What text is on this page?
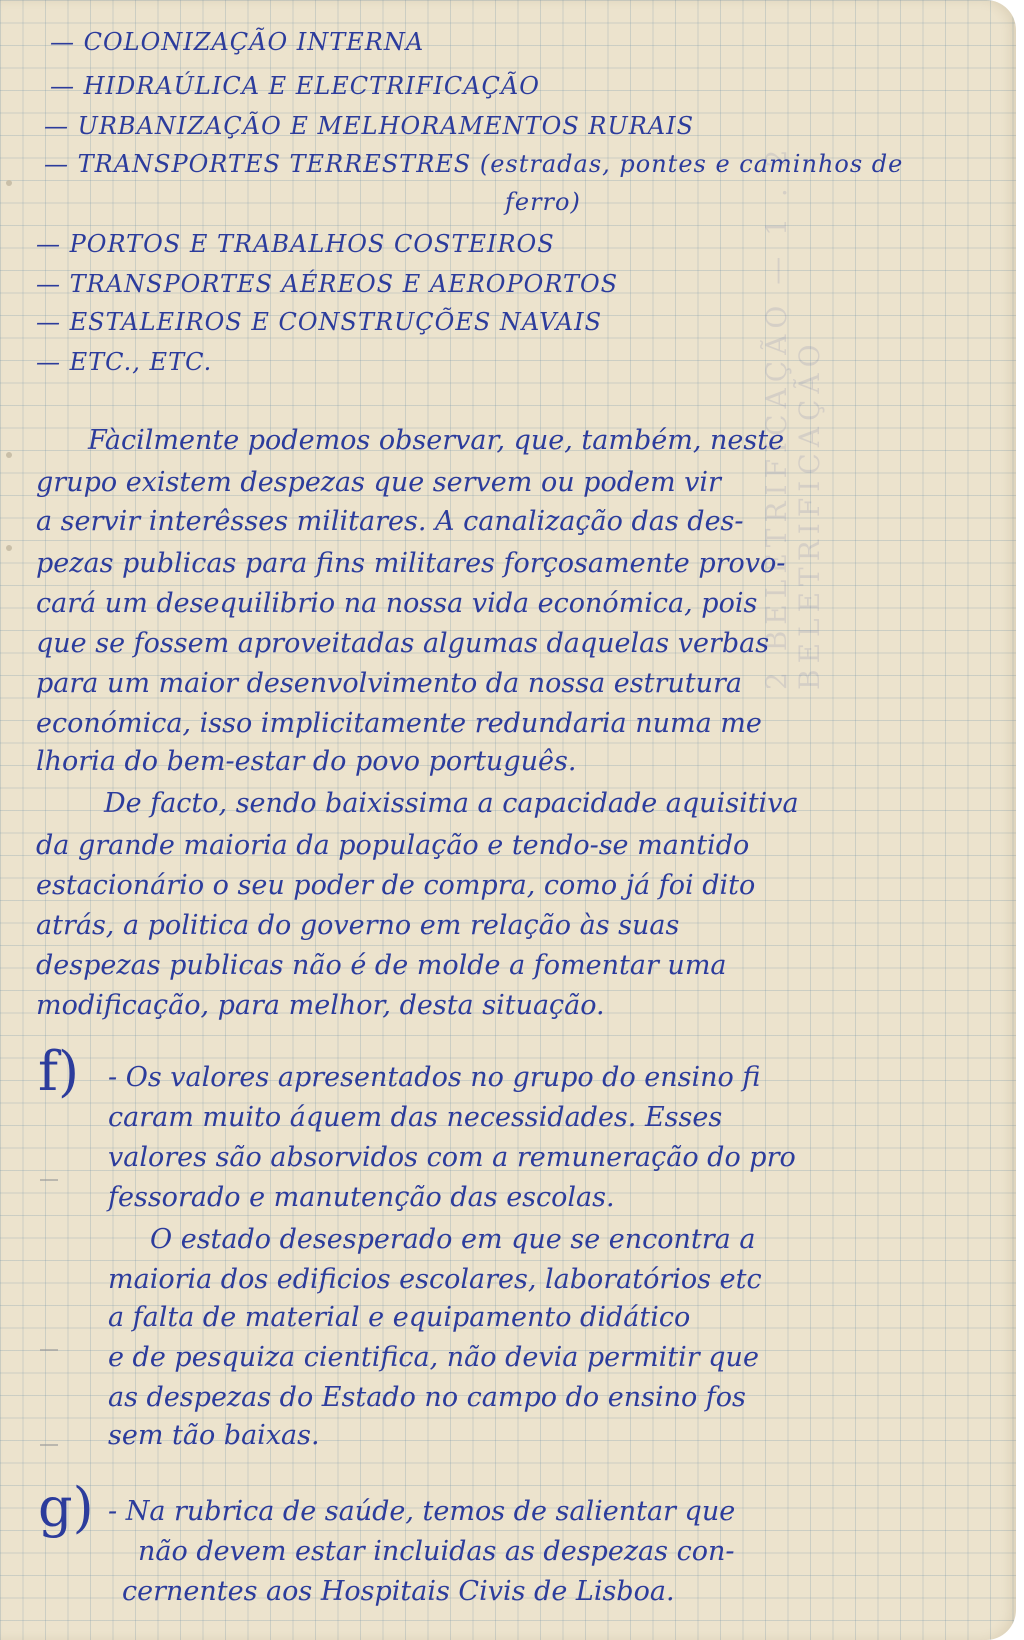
2 BELETRIFICAÇÃO — 1 . 2 BELETRIFICAÇÃO
— COLONIZAÇÃO INTERNA
— HIDRAÚLICA E ELECTRIFICAÇÃO
— URBANIZAÇÃO E MELHORAMENTOS RURAIS
— TRANSPORTES TERRESTRES (estradas, pontes e caminhos de
ferro)
— PORTOS E TRABALHOS COSTEIROS
— TRANSPORTES AÉREOS E AEROPORTOS
— ESTALEIROS E CONSTRUÇÕES NAVAIS
— ETC., ETC.
Fàcilmente podemos observar, que, também, neste
grupo existem despezas que servem ou podem vir
a servir interêsses militares. A canalização das des-
pezas publicas para fins militares forçosamente provo-
cará um desequilibrio na nossa vida económica, pois
que se fossem aproveitadas algumas daquelas verbas
para um maior desenvolvimento da nossa estrutura
económica, isso implicitamente redundaria numa me
lhoria do bem-estar do povo português.
De facto, sendo baixissima a capacidade aquisitiva
da grande maioria da população e tendo-se mantido
estacionário o seu poder de compra, como já foi dito
atrás, a politica do governo em relação às suas
despezas publicas não é de molde a fomentar uma
modificação, para melhor, desta situação.
f) - Os valores apresentados no grupo do ensino fi
caram muito áquem das necessidades. Esses
valores são absorvidos com a remuneração do pro
fessorado e manutenção das escolas.
O estado desesperado em que se encontra a
maioria dos edificios escolares, laboratórios etc
a falta de material e equipamento didático
e de pesquiza cientifica, não devia permitir que
as despezas do Estado no campo do ensino fos
sem tão baixas.
g) - Na rubrica de saúde, temos de salientar que
não devem estar incluidas as despezas con-
cernentes aos Hospitais Civis de Lisboa.
